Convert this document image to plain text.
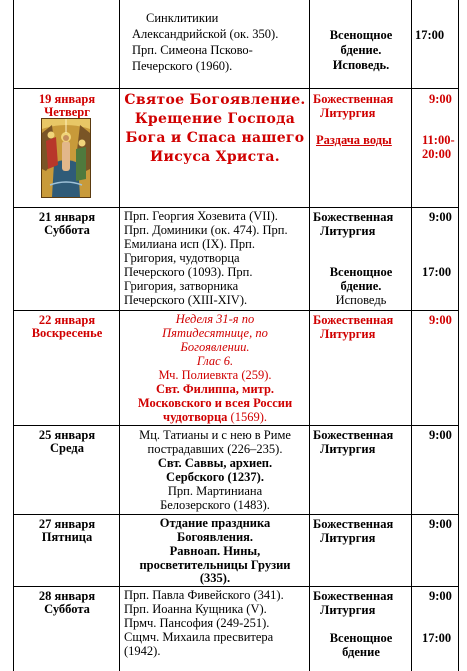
Синклитикии
Александрийской (ок. 350).
Прп. Симеона Псково-
Печерского (1960).
Всенощное
бдение.
Исповедь.
17:00
19 января
Четверг
Святое Богоявление.
Крещение Господа
Бога и Спаса нашего
Иисуса Христа.
Божественная
Литургия
Раздача воды
9:00
11:00-
20:00
21 января
Суббота
Прп. Георгия Хозевита (VII).
Прп. Доминики (ок. 474). Прп.
Емилиана исп (IX). Прп.
Григория, чудотворца
Печерского (1093). Прп.
Григория, затворника
Печерского (XIII-XIV).
Божественная
Литургия
Всенощное
бдение.
Исповедь
9:00
17:00
22 января
Воскресенье
Неделя 31-я по
Пятидесятнице, по
Богоявлении.
Глас 6.
Мч. Полиевкта (259).
Свт. Филиппа, митр.
Московского и всея России
чудотворца (1569).
Божественная
Литургия
9:00
25 января
Среда
Мц. Татианы и с нею в Риме
пострадавших (226–235).
Свт. Саввы, архиеп.
Сербского (1237).
Прп. Мартиниана
Белозерского (1483).
Божественная
Литургия
9:00
27 января
Пятница
Отдание праздника
Богоявления.
Равноап. Нины,
просветительницы Грузии
(335).
Божественная
Литургия
9:00
28 января
Суббота
Прп. Павла Фивейского (341).
Прп. Иоанна Кущника (V).
Прмч. Пансофия (249-251).
Сщмч. Михаила пресвитера
(1942).
Божественная
Литургия
Всенощное
бдение
9:00
17:00
